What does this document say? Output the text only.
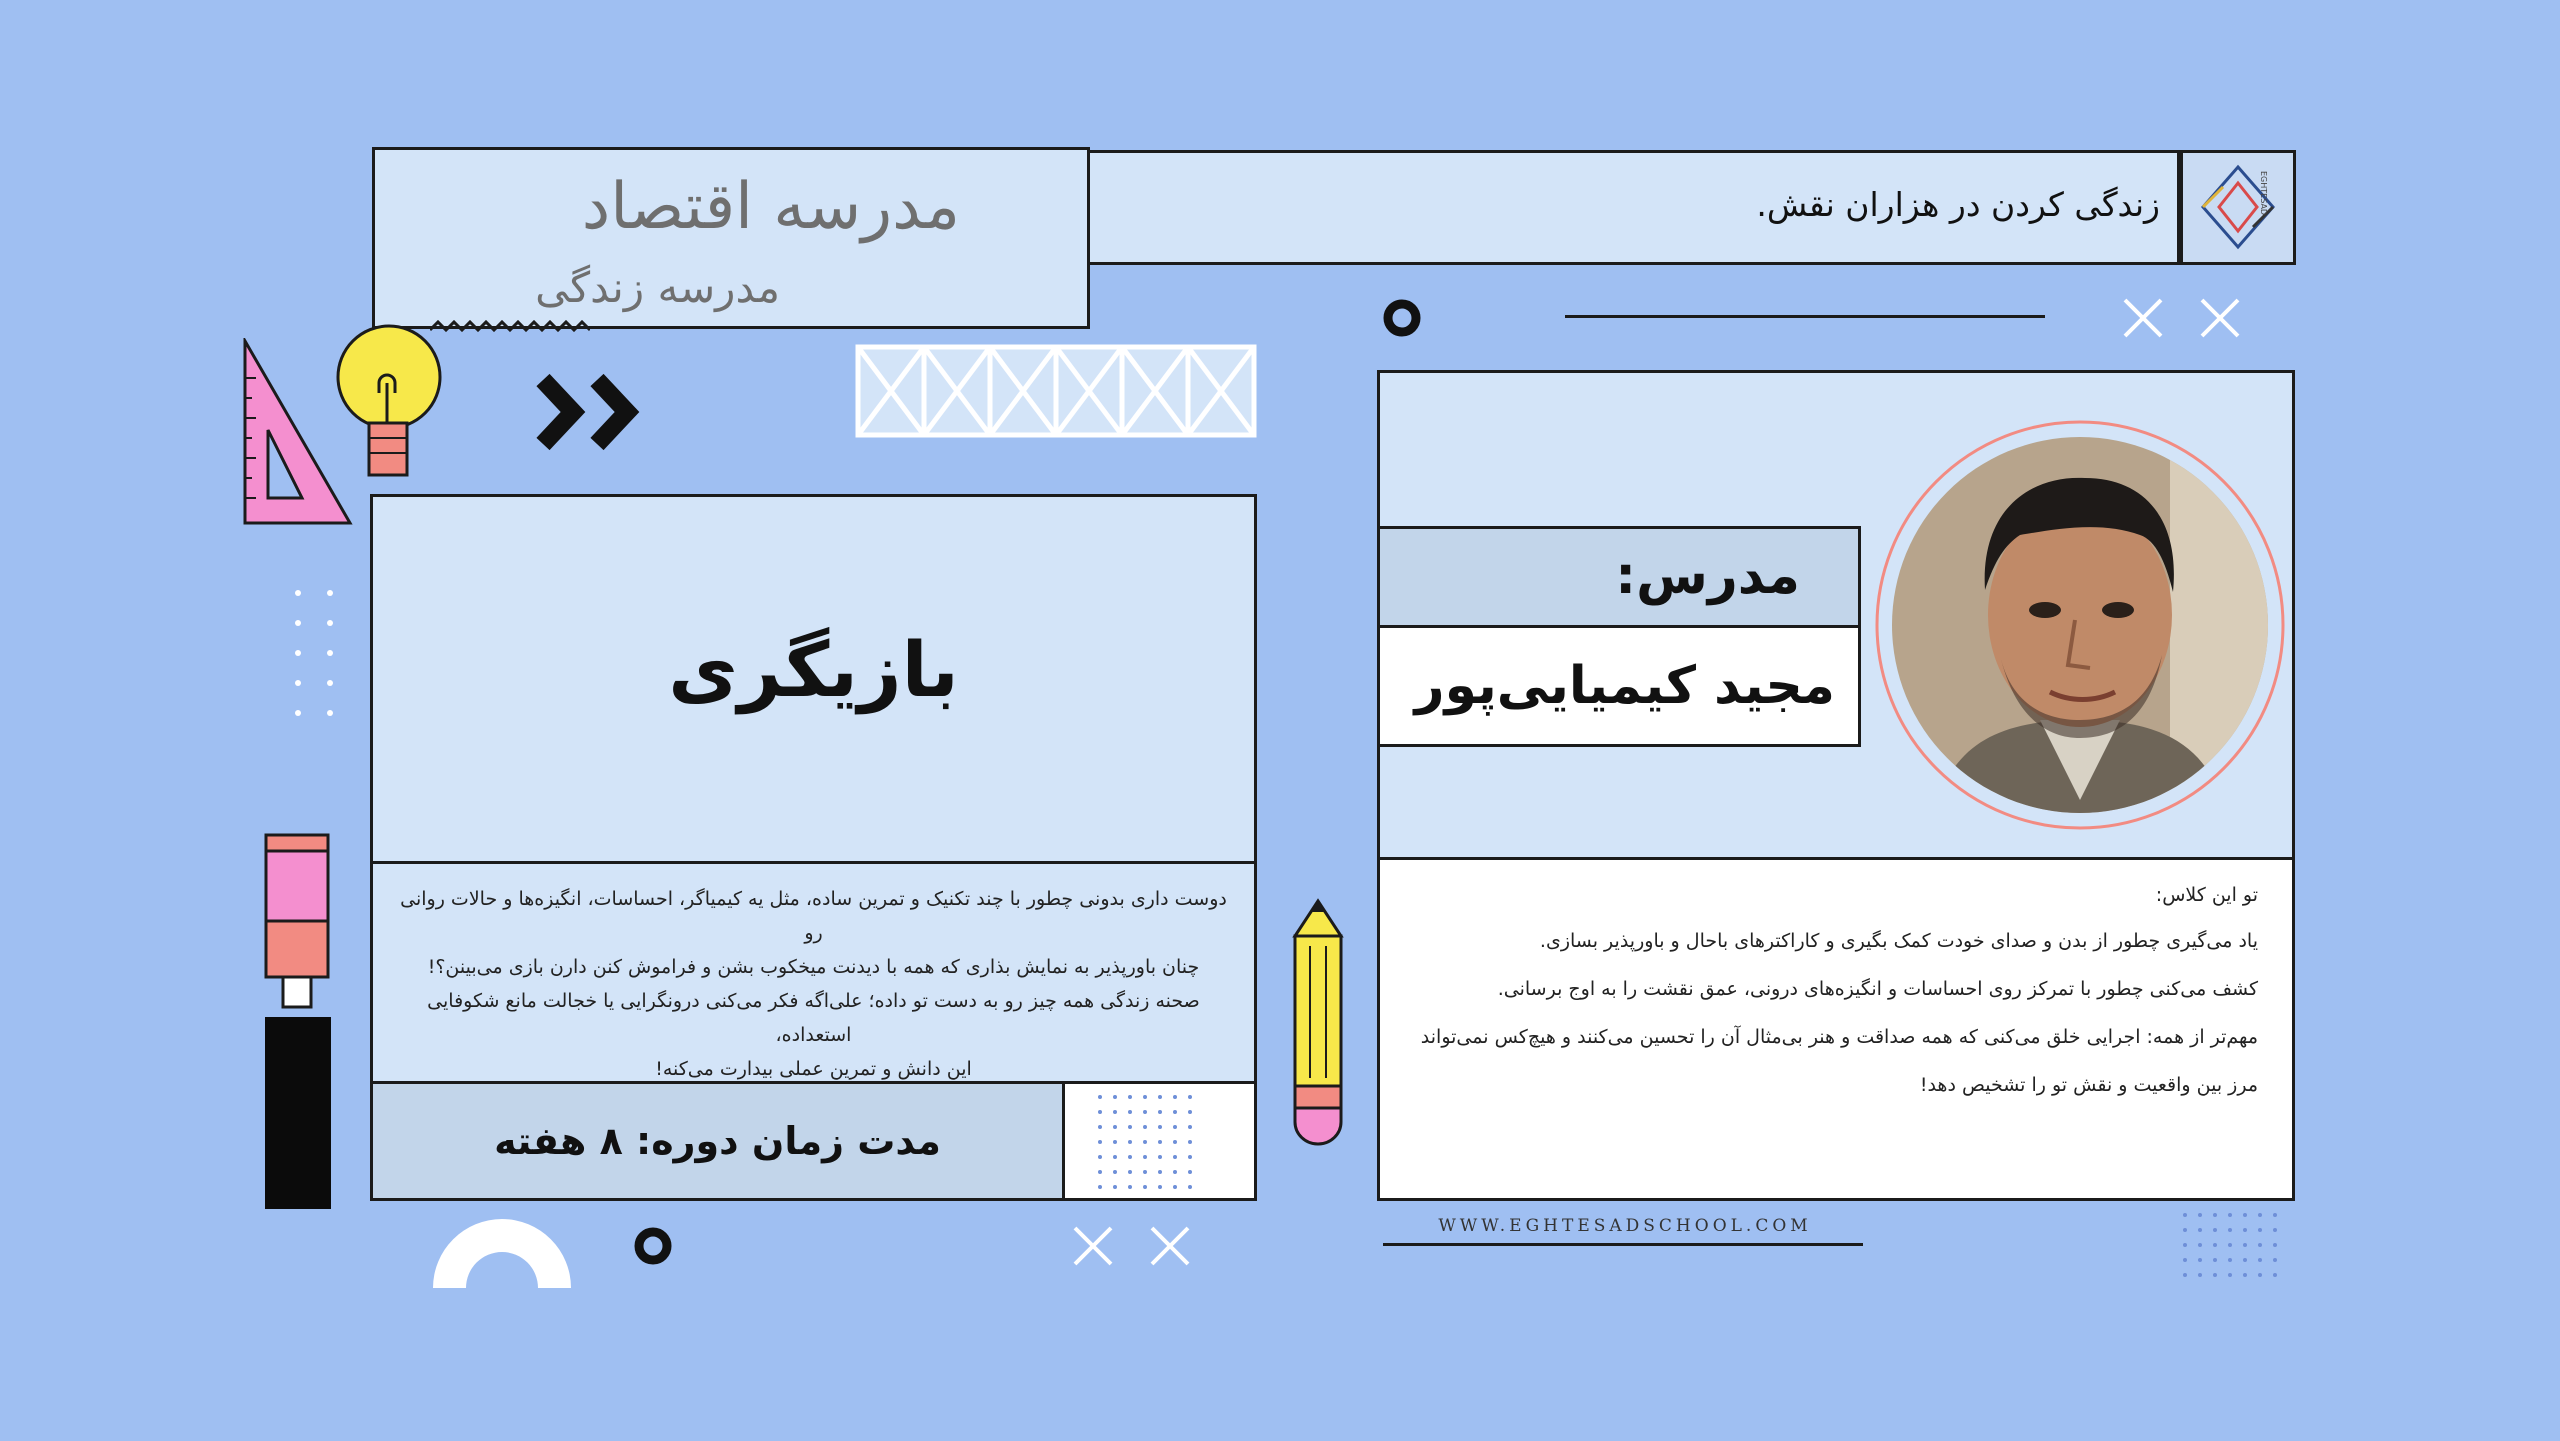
زندگی کردن در هزاران نقش.	EGHTESAD
مدرسه اقتصاد
مدرسه زندگی
بازیگری
دوست داری بدونی چطور با چند تکنیک و تمرین ساده، مثل یه کیمیاگر، احساسات، انگیزه‌ها و حالات روانی رو
چنان باورپذیر به نمایش بذاری که همه با دیدنت میخکوب بشن و فراموش کنن دارن بازی می‌بینن؟!
صحنه زندگی همه چیز رو به دست تو داده؛ علی‌اگه فکر می‌کنی درونگرایی یا خجالت مانع شکوفایی استعداده،
این دانش و تمرین عملی بیدارت می‌کنه!
مدت زمان دوره: ۸ هفته
مدرس:
مجید کیمیایی‌پور
تو این کلاس:
یاد می‌گیری چطور از بدن و صدای خودت کمک بگیری و کاراکترهای باحال و باورپذیر بسازی.
کشف می‌کنی چطور با تمرکز روی احساسات و انگیزه‌های درونی، عمق نقشت را به اوج برسانی.
مهم‌تر از همه: اجرایی خلق می‌کنی که همه صداقت و هنر بی‌مثال آن را تحسین می‌کنند و هیچ‌کس نمی‌تواند
مرز بین واقعیت و نقش تو را تشخیص دهد!
WWW.EGHTESADSCHOOL.COM
